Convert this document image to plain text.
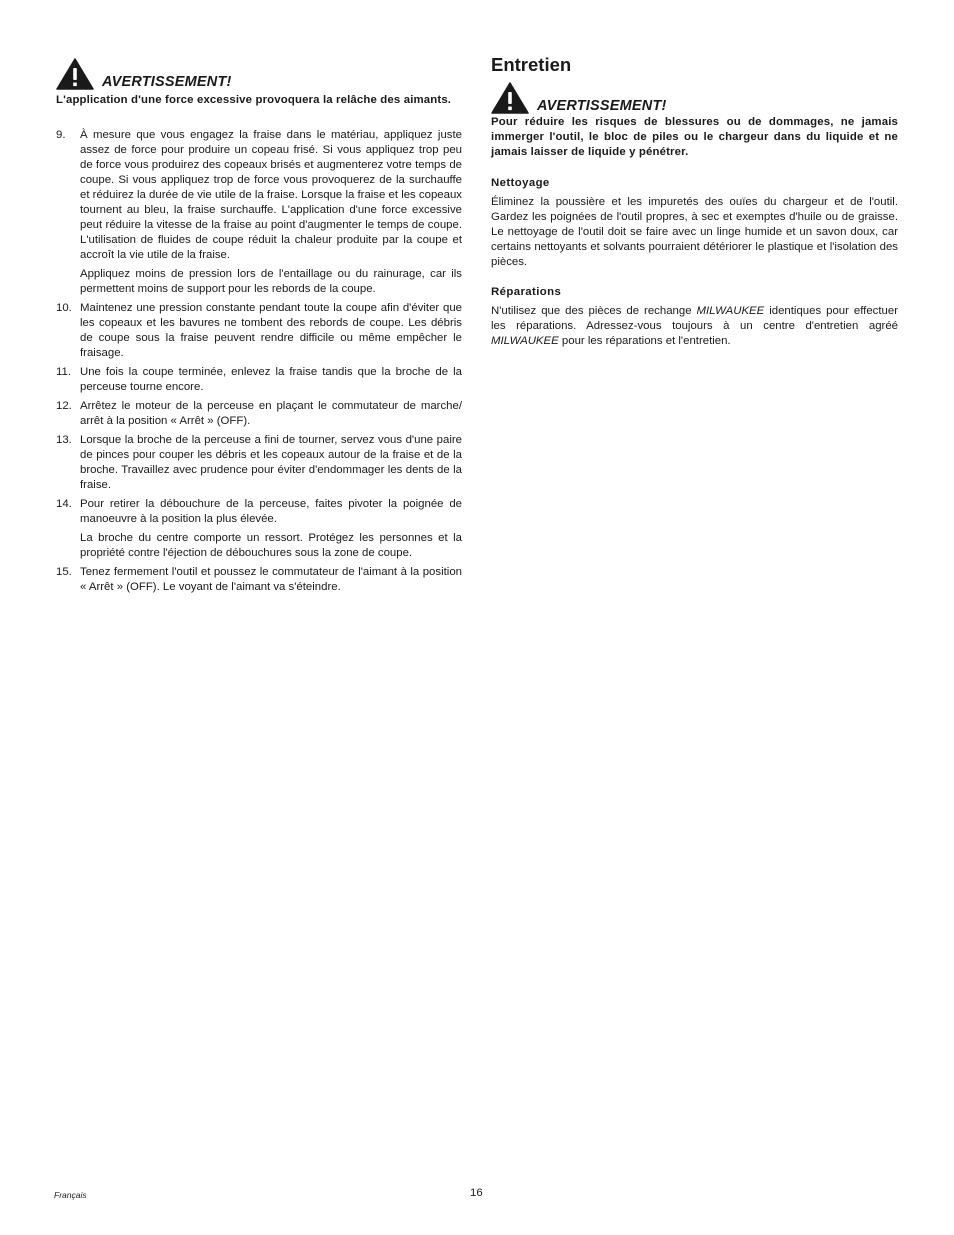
AVERTISSEMENT!

L'application d'une force excessive provoquera la relâche des aimants.

9.	À mesure que vous engagez la fraise dans le matériau, appliquez juste assez de force pour produire un copeau frisé. Si vous appliquez trop peu de force vous produirez des copeaux brisés et augmenterez votre temps de coupe. Si vous appliquez trop de force vous provoquerez de la surchauffe et réduirez la durée de vie utile de la fraise. Lorsque la fraise et les copeaux tournent au bleu, la fraise surchauffe. L'application d'une force excessive peut réduire la vitesse de la fraise au point d'augmenter le temps de coupe. L'utilisation de fluides de coupe réduit la chaleur produite par la coupe et accroît la vie utile de la fraise.

Appliquez moins de pression lors de l'entaillage ou du rainurage, car ils permettent moins de support pour les rebords de la coupe.

10. Maintenez une pression constante pendant toute la coupe afin d'éviter que les copeaux et les bavures ne tombent des rebords de coupe. Les débris de coupe sous la fraise peuvent rendre difficile ou même empêcher le fraisage.

11. Une fois la coupe terminée, enlevez la fraise tandis que la broche de la perceuse tourne encore.

12. Arrêtez le moteur de la perceuse en plaçant le commutateur de marche/ arrêt à la position « Arrêt » (OFF).

13. Lorsque la broche de la perceuse a fini de tourner, servez vous d'une paire de pinces pour couper les débris et les copeaux autour de la fraise et de la broche. Travaillez avec prudence pour éviter d'endommager les dents de la fraise.

14. Pour retirer la débouchure de la perceuse, faites pivoter la poignée de manoeuvre à la position la plus élevée.

La broche du centre comporte un ressort. Protégez les personnes et la propriété contre l'éjection de débouchures sous la zone de coupe.

15. Tenez fermement l'outil et poussez le commutateur de l'aimant à la position « Arrêt » (OFF). Le voyant de l'aimant va s'éteindre.

Entretien
AVERTISSEMENT!

Pour réduire les risques de blessures ou de dommages, ne jamais immerger l'outil, le bloc de piles ou le chargeur dans du liquide et ne jamais laisser de liquide y pénétrer.

Nettoyage

Éliminez la poussière et les impuretés des ouïes du chargeur et de l'outil. Gardez les poignées de l'outil propres, à sec et exemptes d'huile ou de graisse. Le nettoyage de l'outil doit se faire avec un linge humide et un savon doux, car certains nettoyants et solvants pourraient détériorer le plastique et l'isolation des pièces.

Réparations

N'utilisez que des pièces de rechange MILWAUKEE identiques pour effectuer les réparations. Adressez-vous toujours à un centre d'entretien agréé MILWAUKEE pour les réparations et l'entretien.

Français	16
